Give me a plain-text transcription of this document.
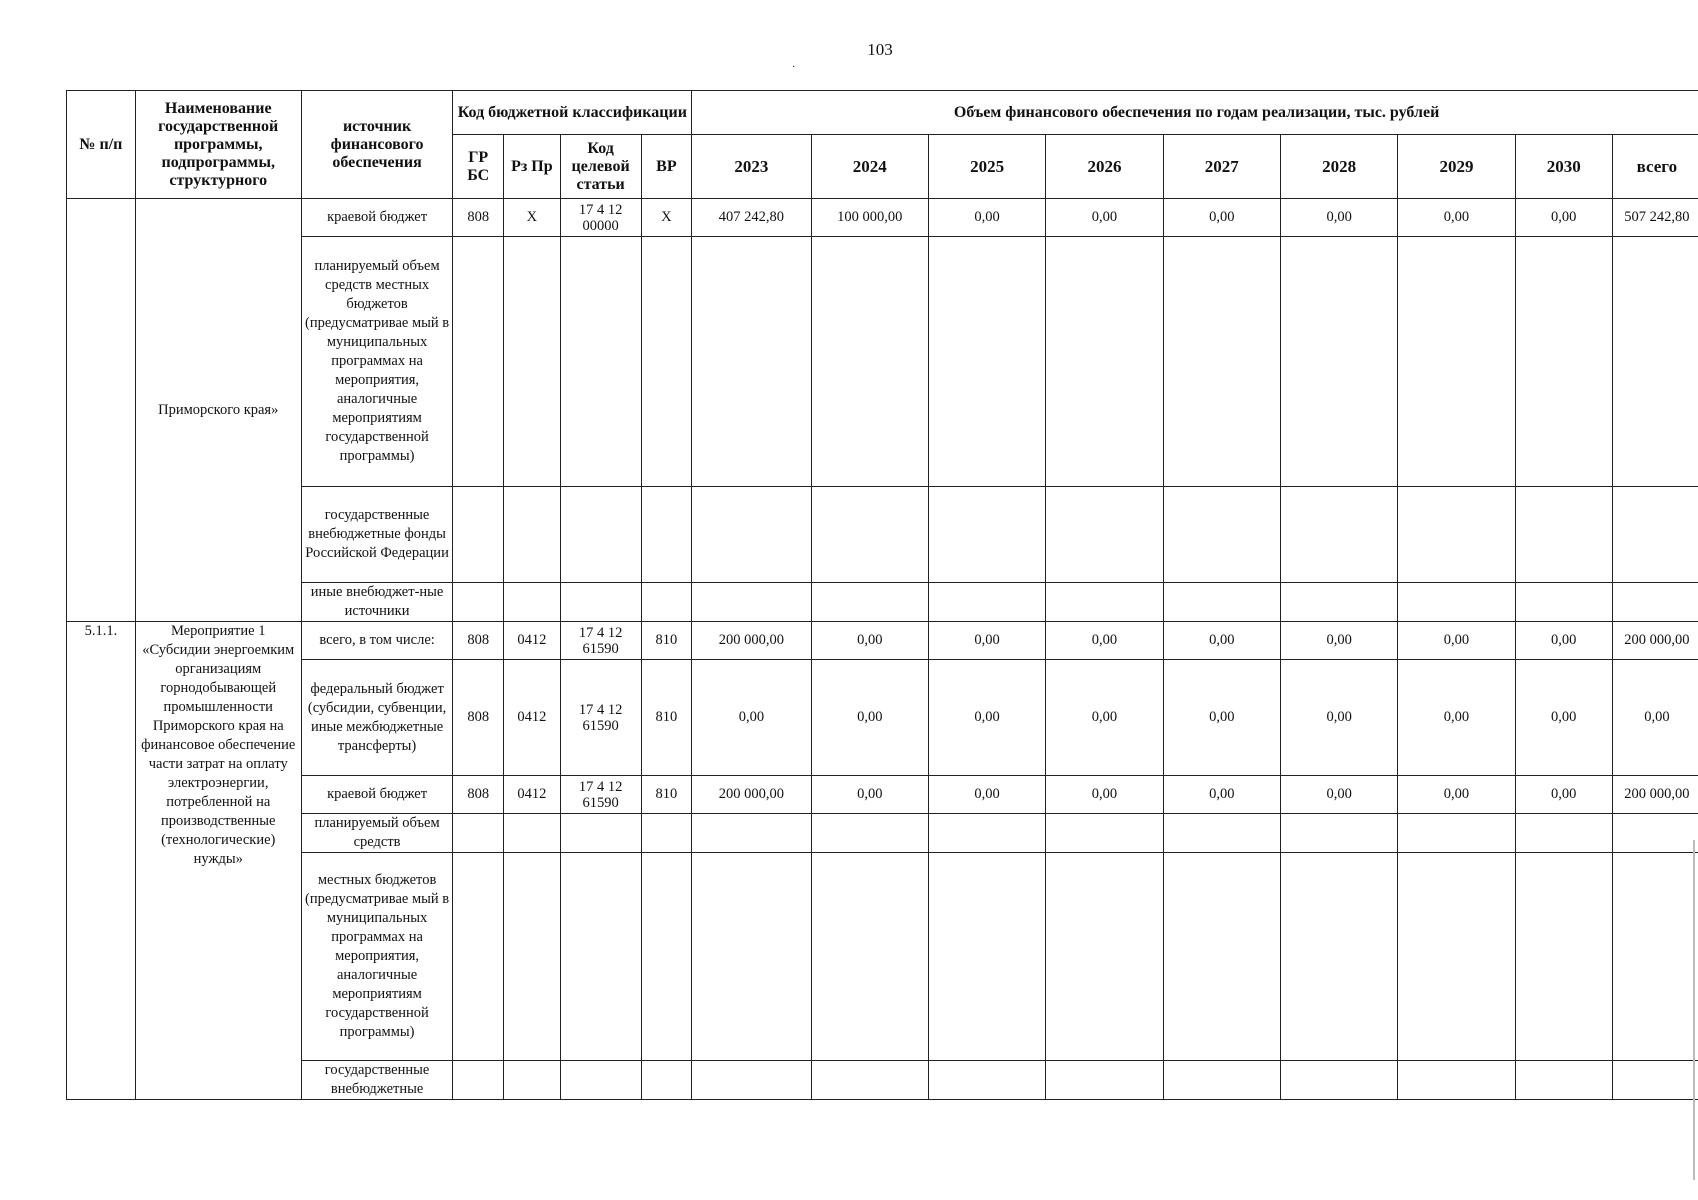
103
·
№ п/п	Наименование государственной программы, подпрограммы, структурного	источник финансового обеспечения	Код бюджетной классификации				Объем финансового обеспечения по годам реализации, тыс. рублей								
			ГР БС	Рз Пр	Код целевой статьи	ВР	2023	2024	2025	2026	2027	2028	2029	2030	всего
	Приморского края»	краевой бюджет	808	Х	17 4 12 00000	Х	407 242,80	100 000,00	0,00	0,00	0,00	0,00	0,00	0,00	507 242,80
		планируемый объем средств местных бюджетов (предусматривае мый в муниципальных программах на мероприятия, аналогичные мероприятиям государственной программы)													
		государственные внебюджетные фонды Российской Федерации													
		иные внебюджет-ные источники													
5.1.1.	Мероприятие 1 «Субсидии энергоемким организациям горнодобывающей промышленности Приморского края на финансовое обеспечение части затрат на оплату электроэнергии, потребленной на производственные (технологические) нужды»	всего, в том числе:	808	0412	17 4 12 61590	810	200 000,00	0,00	0,00	0,00	0,00	0,00	0,00	0,00	200 000,00
		федеральный бюджет (субсидии, субвенции, иные межбюджетные трансферты)	808	0412	17 4 12 61590	810	0,00	0,00	0,00	0,00	0,00	0,00	0,00	0,00	0,00
		краевой бюджет	808	0412	17 4 12 61590	810	200 000,00	0,00	0,00	0,00	0,00	0,00	0,00	0,00	200 000,00
		планируемый объем средств													
		местных бюджетов (предусматривае мый в муниципальных программах на мероприятия, аналогичные мероприятиям государственной программы)													
		государственные внебюджетные													
